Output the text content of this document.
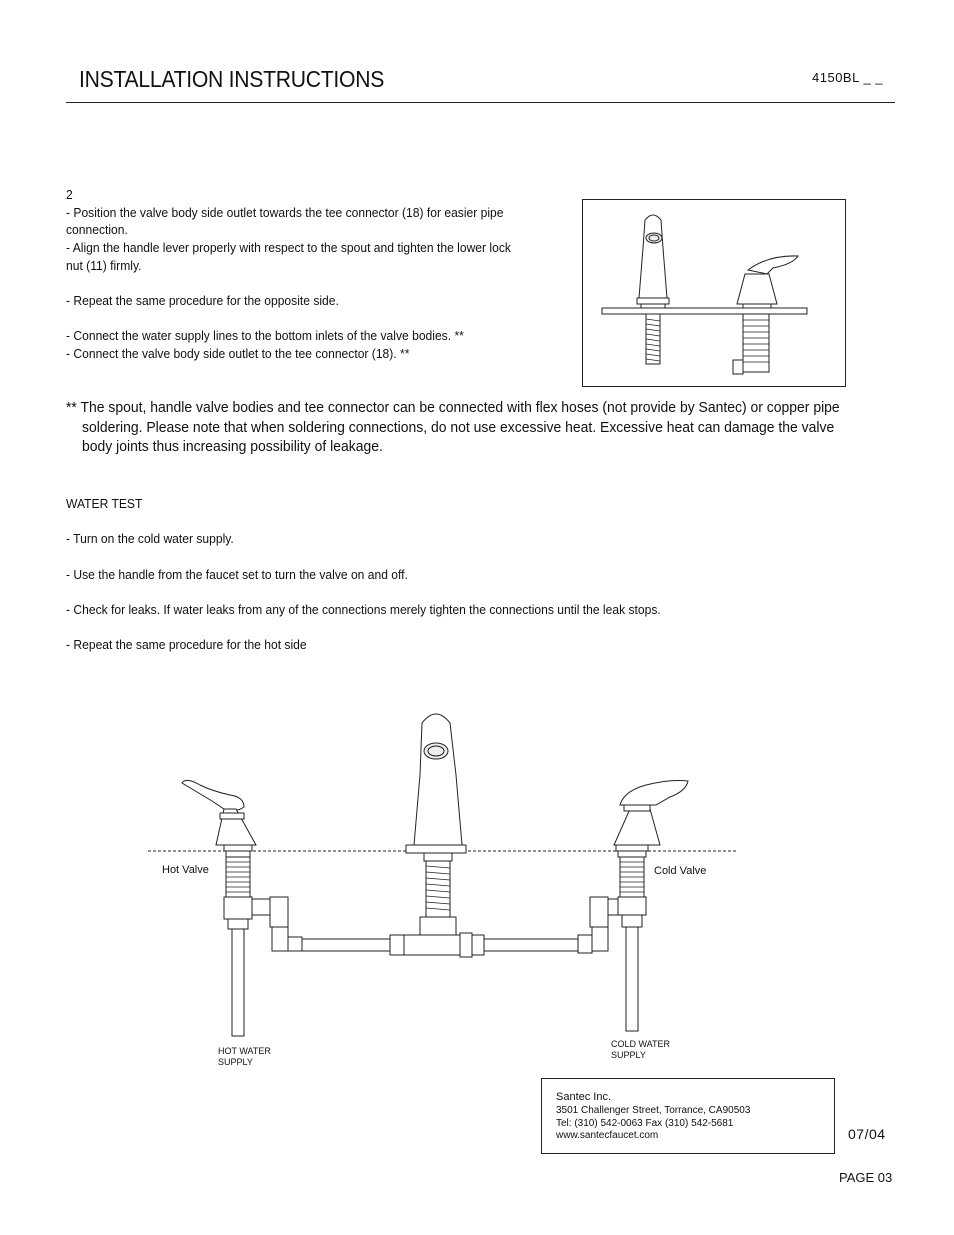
INSTALLATION INSTRUCTIONS	4150BL _ _
2
- Position the valve body side outlet towards the tee connector (18) for easier pipe
connection.
- Align the handle lever properly with respect to the spout and tighten the lower lock
nut (11) firmly.
- Repeat the same procedure for the opposite side.
- Connect the water supply lines to the bottom inlets of the valve bodies. **
- Connect the valve body side outlet to the tee connector (18). **
** The spout, handle valve bodies and tee connector can be connected with flex hoses (not provide by Santec) or copper pipe
soldering. Please note that when soldering connections, do not use excessive heat. Excessive heat can damage the valve
body joints thus increasing possibility of leakage.
WATER TEST
- Turn on the cold water supply.
- Use the handle from the faucet set to turn the valve on and off.
- Check for leaks. If water leaks from any of the connections merely tighten the connections until the leak stops.
- Repeat the same procedure for the hot side
Hot Valve	Cold Valve
HOT WATER
SUPPLY
COLD WATER
SUPPLY
Santec Inc.
3501 Challenger Street, Torrance, CA90503
Tel: (310) 542-0063 Fax (310) 542-5681
www.santecfaucet.com	07/04
PAGE 03
